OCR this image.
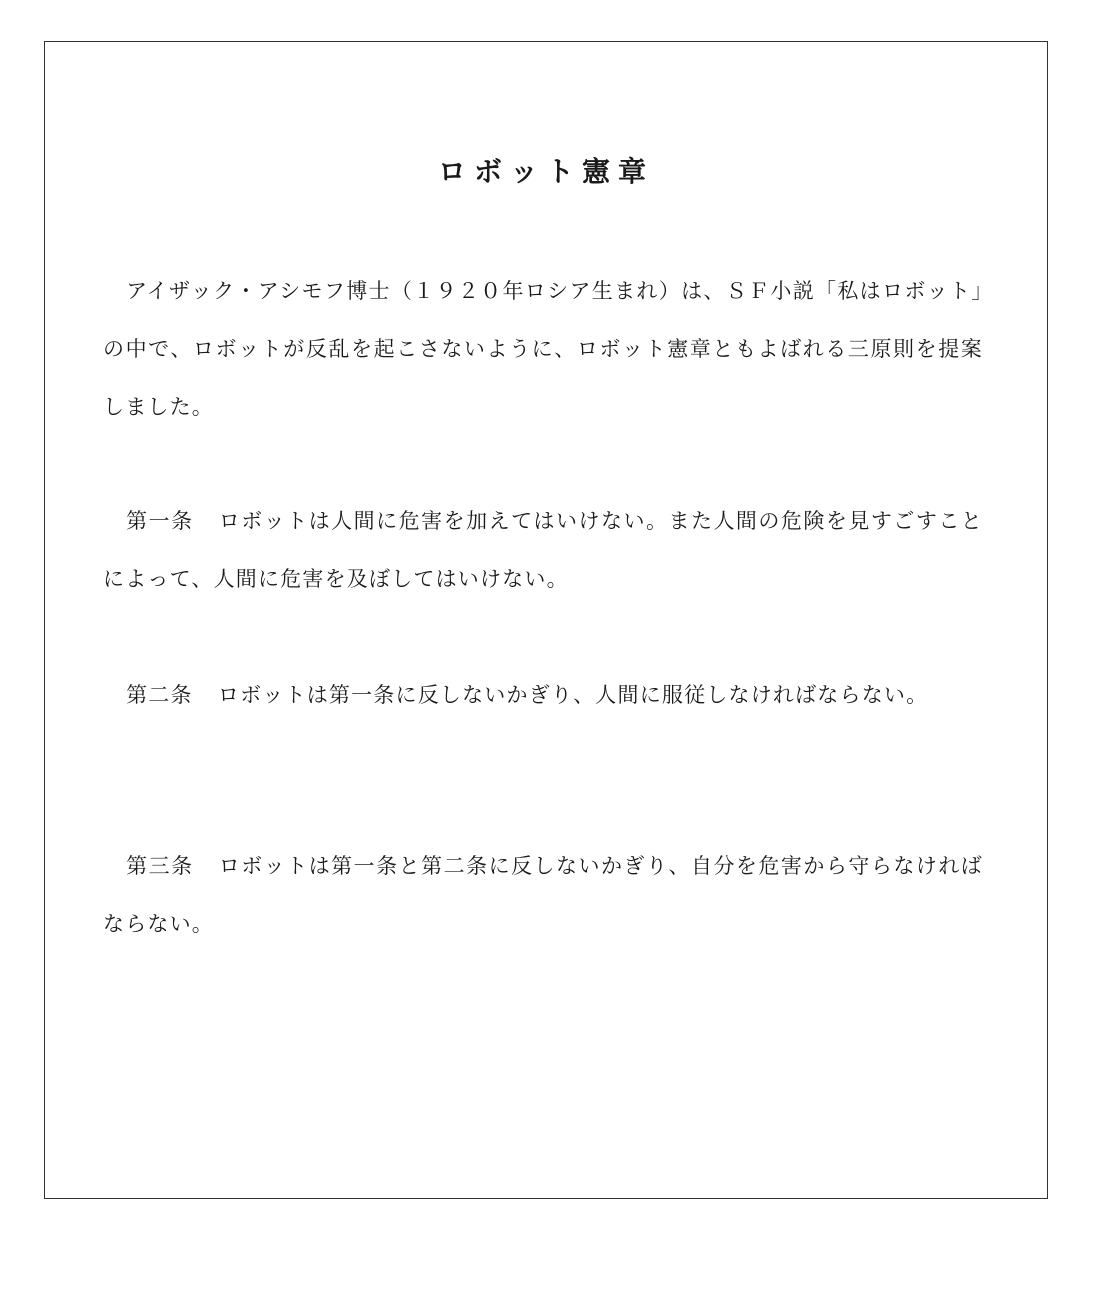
ロボット憲章

アイザック・アシモフ博士（１９２０年ロシア生まれ）は、ＳＦ小説「私はロボット」の中で、ロボットが反乱を起こさないように、ロボット憲章ともよばれる三原則を提案しました。

第一条 ロボットは人間に危害を加えてはいけない。また人間の危険を見すごすことによって、人間に危害を及ぼしてはいけない。

第二条 ロボットは第一条に反しないかぎり、人間に服従しなければならない。

第三条 ロボットは第一条と第二条に反しないかぎり、自分を危害から守らなければならない。
